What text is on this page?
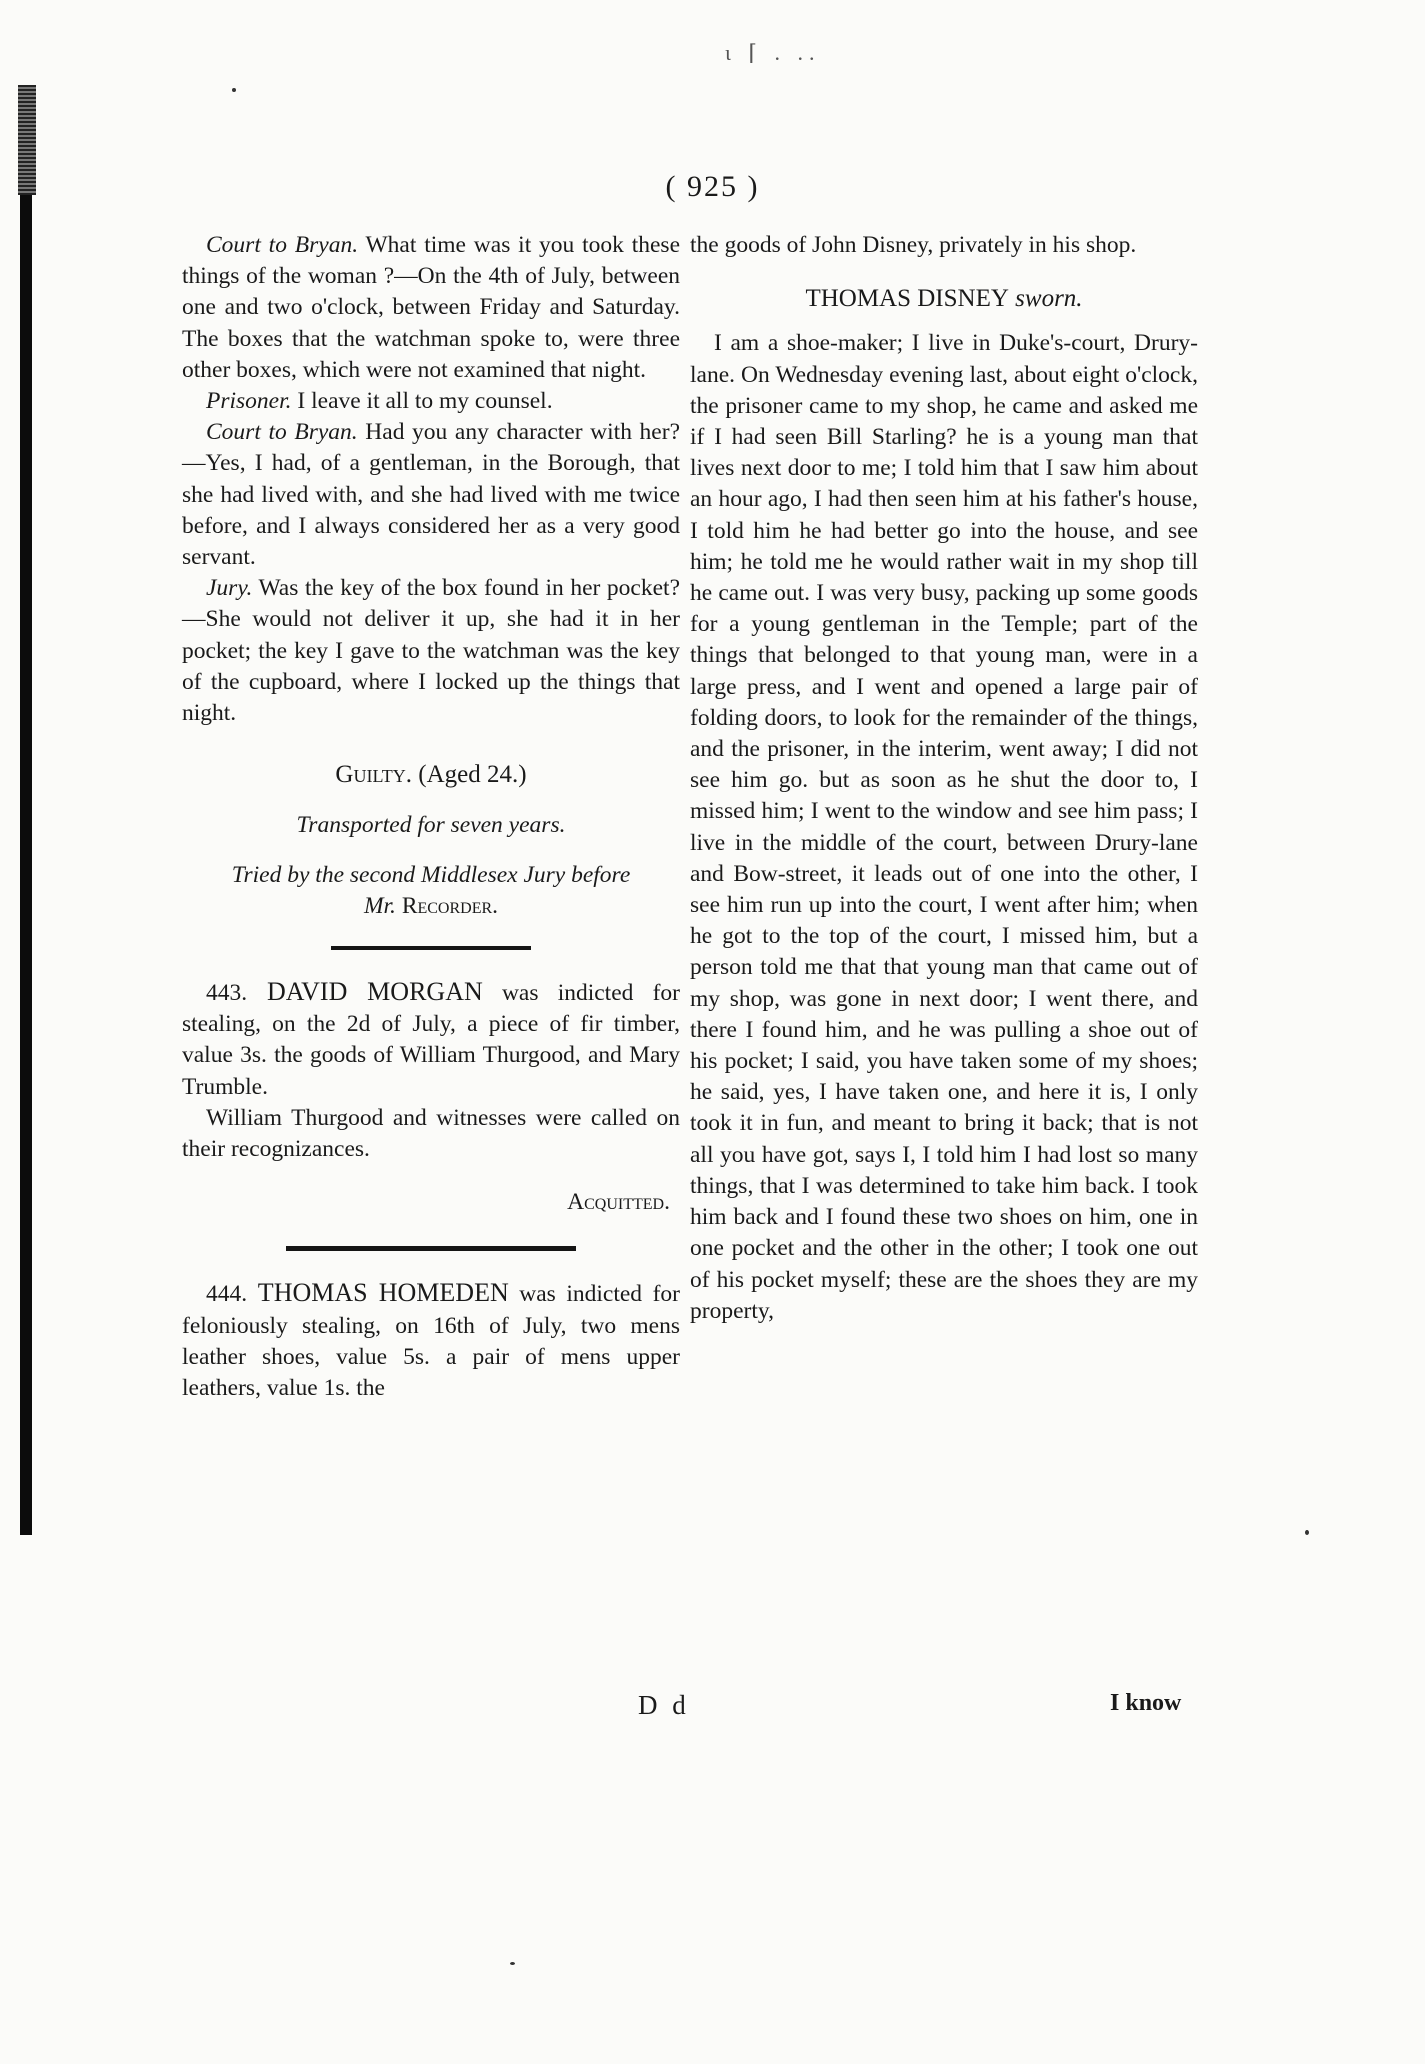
ι ⌈ . ..
( 925 )

Court to Bryan. What time was it you took these things of the woman ?—On the 4th of July, between one and two o'clock, between Friday and Saturday. The boxes that the watchman spoke to, were three other boxes, which were not examined that night.

Prisoner. I leave it all to my counsel.

Court to Bryan. Had you any character with her?—Yes, I had, of a gentleman, in the Borough, that she had lived with, and she had lived with me twice before, and I always considered her as a very good servant.

Jury. Was the key of the box found in her pocket?—She would not deliver it up, she had it in her pocket; the key I gave to the watchman was the key of the cupboard, where I locked up the things that night.

Guilty. (Aged 24.)

Transported for seven years.

Tried by the second Middlesex Jury before

Mr. Recorder.

443. DAVID MORGAN was indicted for stealing, on the 2d of July, a piece of fir timber, value 3s. the goods of William Thurgood, and Mary Trumble.

William Thurgood and witnesses were called on their recognizances.

Acquitted.

444. THOMAS HOMEDEN was indicted for feloniously stealing, on 16th of July, two mens leather shoes, value 5s. a pair of mens upper leathers, value 1s. the

the goods of John Disney, privately in his shop.

THOMAS DISNEY sworn.

I am a shoe-maker; I live in Duke's-court, Drury-lane. On Wednesday evening last, about eight o'clock, the prisoner came to my shop, he came and asked me if I had seen Bill Starling? he is a young man that lives next door to me; I told him that I saw him about an hour ago, I had then seen him at his father's house, I told him he had better go into the house, and see him; he told me he would rather wait in my shop till he came out. I was very busy, packing up some goods for a young gentleman in the Temple; part of the things that belonged to that young man, were in a large press, and I went and opened a large pair of folding doors, to look for the remainder of the things, and the prisoner, in the interim, went away; I did not see him go. but as soon as he shut the door to, I missed him; I went to the window and see him pass; I live in the middle of the court, between Drury-lane and Bow-street, it leads out of one into the other, I see him run up into the court, I went after him; when he got to the top of the court, I missed him, but a person told me that that young man that came out of my shop, was gone in next door; I went there, and there I found him, and he was pulling a shoe out of his pocket; I said, you have taken some of my shoes; he said, yes, I have taken one, and here it is, I only took it in fun, and meant to bring it back; that is not all you have got, says I, I told him I had lost so many things, that I was determined to take him back. I took him back and I found these two shoes on him, one in one pocket and the other in the other; I took one out of his pocket myself; these are the shoes they are my property,

D d	I know
